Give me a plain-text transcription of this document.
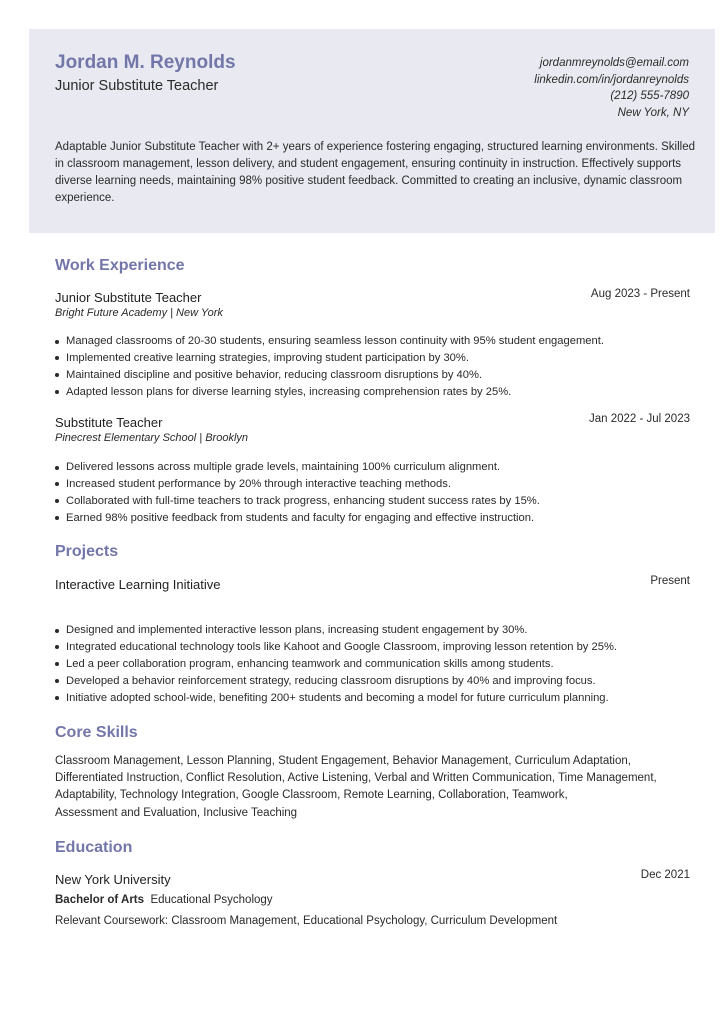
Jordan M. Reynolds
Junior Substitute Teacher
jordanmreynolds@email.com
linkedin.com/in/jordanreynolds
(212) 555-7890
New York, NY
Adaptable Junior Substitute Teacher with 2+ years of experience fostering engaging, structured learning environments. Skilled in classroom management, lesson delivery, and student engagement, ensuring continuity in instruction. Effectively supports diverse learning needs, maintaining 98% positive student feedback. Committed to creating an inclusive, dynamic classroom experience.
Work Experience
Junior Substitute Teacher	Aug 2023 - Present
Bright Future Academy | New York
Managed classrooms of 20-30 students, ensuring seamless lesson continuity with 95% student engagement.
Implemented creative learning strategies, improving student participation by 30%.
Maintained discipline and positive behavior, reducing classroom disruptions by 40%.
Adapted lesson plans for diverse learning styles, increasing comprehension rates by 25%.
Substitute Teacher	Jan 2022 - Jul 2023
Pinecrest Elementary School | Brooklyn
Delivered lessons across multiple grade levels, maintaining 100% curriculum alignment.
Increased student performance by 20% through interactive teaching methods.
Collaborated with full-time teachers to track progress, enhancing student success rates by 15%.
Earned 98% positive feedback from students and faculty for engaging and effective instruction.
Projects
Interactive Learning Initiative	Present
Designed and implemented interactive lesson plans, increasing student engagement by 30%.
Integrated educational technology tools like Kahoot and Google Classroom, improving lesson retention by 25%.
Led a peer collaboration program, enhancing teamwork and communication skills among students.
Developed a behavior reinforcement strategy, reducing classroom disruptions by 40% and improving focus.
Initiative adopted school-wide, benefiting 200+ students and becoming a model for future curriculum planning.
Core Skills
Classroom Management, Lesson Planning, Student Engagement, Behavior Management, Curriculum Adaptation,
Differentiated Instruction, Conflict Resolution, Active Listening, Verbal and Written Communication, Time Management,
Adaptability, Technology Integration, Google Classroom, Remote Learning, Collaboration, Teamwork,
Assessment and Evaluation, Inclusive Teaching
Education
New York University	Dec 2021
Bachelor of Arts Educational Psychology
Relevant Coursework: Classroom Management, Educational Psychology, Curriculum Development
